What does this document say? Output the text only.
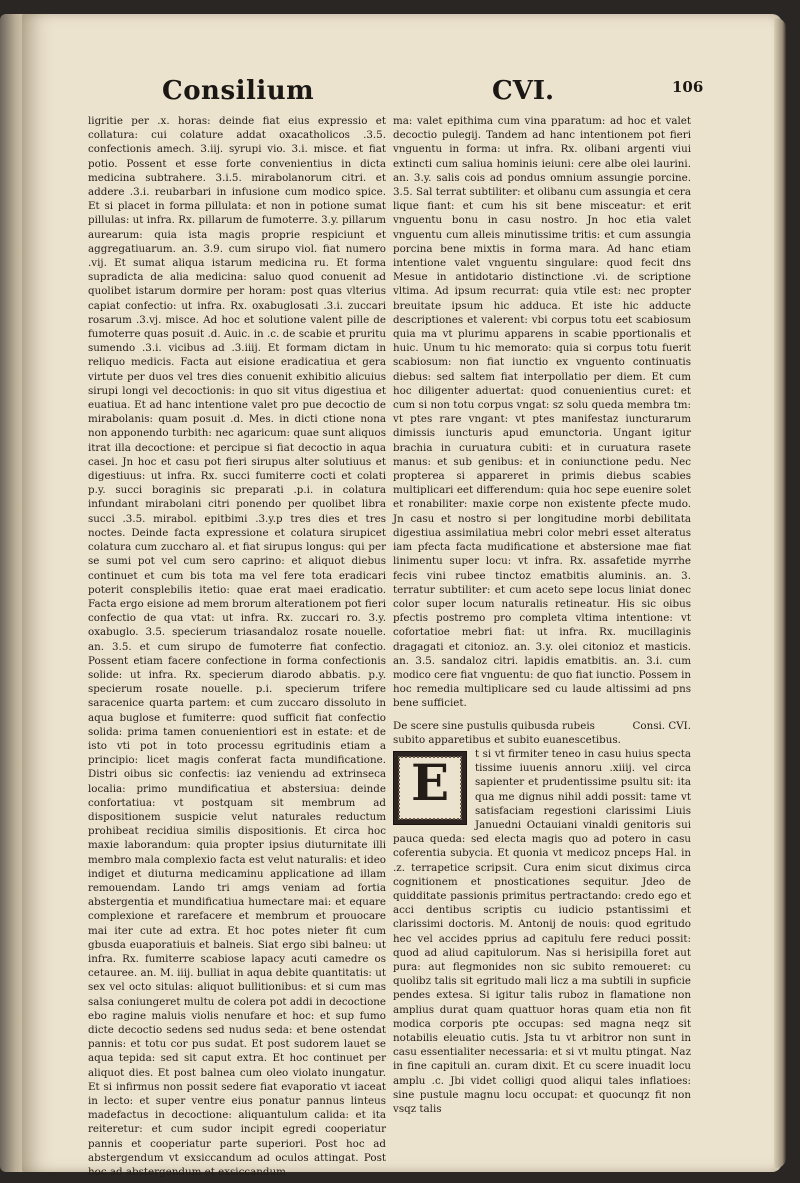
Consilium	CVI.	106

ligritie per .x. horas: deinde fiat eius expressio et collatura: cui colature addat oxacatholicos .3.5. confectionis amech. 3.iij. syrupi vio. 3.i. misce. et fiat potio. Possent et esse forte convenientius in dicta medicina subtrahere. 3.i.5. mirabolanorum citri. et addere .3.i. reubarbari in infusione cum modico spice. Et si placet in forma pillulata: et non in potione sumat pillulas: ut infra. Rx. pillarum de fumoterre. 3.y. pillarum aurearum: quia ista magis proprie respiciunt et aggregatiuarum. an. 3.9. cum sirupo viol. fiat numero .vij. Et sumat aliqua istarum medicina ru. Et forma supradicta de alia medicina: saluo quod conuenit ad quolibet istarum dormire per horam: post quas vlterius capiat confectio: ut infra. Rx. oxabuglosati .3.i. zuccari rosarum .3.vj. misce. Ad hoc et solutione valent pille de fumoterre quas posuit .d. Auic. in .c. de scabie et pruritu sumendo .3.i. vicibus ad .3.iiij. Et formam dictam in reliquo medicis. Facta aut eisione eradicatiua et gera virtute per duos vel tres dies conuenit exhibitio alicuius sirupi longi vel decoctionis: in quo sit vitus digestiua et euatiua. Et ad hanc intentione valet pro pue decoctio de mirabolanis: quam posuit .d. Mes. in dicti ctione nona non apponendo turbith: nec agaricum: quae sunt aliquos itrat illa decoctione: et percipue si fiat decoctio in aqua casei. Jn hoc et casu pot fieri sirupus alter solutiuus et digestiuus: ut infra. Rx. succi fumiterre cocti et colati p.y. succi boraginis sic preparati .p.i. in colatura infundant mirabolani citri ponendo per quolibet libra succi .3.5. mirabol. epitbimi .3.y.p tres dies et tres noctes. Deinde facta expressione et colatura sirupicet colatura cum zuccharo al. et fiat sirupus longus: qui per se sumi pot vel cum sero caprino: et aliquot diebus continuet et cum bis tota ma vel fere tota eradicari poterit consplebilis itetio: quae erat maei eradicatio. Facta ergo eisione ad mem brorum alterationem pot fieri confectio de qua vtat: ut infra. Rx. zuccari ro. 3.y. oxabuglo. 3.5. specierum triasandaloz rosate nouelle. an. 3.5. et cum sirupo de fumoterre fiat confectio. Possent etiam facere confectione in forma confectionis solide: ut infra. Rx. specierum diarodo abbatis. p.y. specierum rosate nouelle. p.i. specierum trifere saracenice quarta partem: et cum zuccaro dissoluto in aqua buglose et fumiterre: quod sufficit fiat confectio solida: prima tamen conuenientiori est in estate: et de isto vti pot in toto processu egritudinis etiam a principio: licet magis conferat facta mundificatione. Distri oibus sic confectis: iaz veniendu ad extrinseca localia: primo mundificatiua et abstersiua: deinde confortatiua: vt postquam sit membrum ad dispositionem suspicie velut naturales reductum prohibeat recidiua similis dispositionis. Et circa hoc maxie laborandum: quia propter ipsius diuturnitate illi membro mala complexio facta est velut naturalis: et ideo indiget et diuturna medicaminu applicatione ad illam remouendam. Lando tri amgs veniam ad fortia abstergentia et mundificatiua humectare mai: et equare complexione et rarefacere et membrum et prouocare mai iter cute ad extra. Et hoc potes nieter fit cum gbusda euaporatiuis et balneis. Siat ergo sibi balneu: ut infra. Rx. fumiterre scabiose lapacy acuti camedre os cetauree. an. M. iiij. bulliat in aqua debite quantitatis: ut sex vel octo situlas: aliquot bullitionibus: et si cum mas salsa coniungeret multu de colera pot addi in decoctione ebo ragine maluis violis nenufare et hoc: et sup fumo dicte decoctio sedens sed nudus seda: et bene ostendat pannis: et totu cor pus sudat. Et post sudorem lauet se aqua tepida: sed sit caput extra. Et hoc continuet per aliquot dies. Et post balnea cum oleo violato inungatur. Et si infirmus non possit sedere fiat evaporatio vt iaceat in lecto: et super ventre eius ponatur pannus linteus madefactus in decoctione: aliquantulum calida: et ita reiteretur: et cum sudor incipit egredi cooperiatur pannis et cooperiatur parte superiori. Post hoc ad abstergendum vt exsiccandum ad oculos attingat. Post hoc ad abstergendum et exsiccandum

ma: valet epithima cum vina pparatum: ad hoc et valet decoctio pulegij. Tandem ad hanc intentionem pot fieri vnguentu in forma: ut infra. Rx. olibani argenti viui extincti cum saliua hominis ieiuni: cere albe olei laurini. an. 3.y. salis cois ad pondus omnium assungie porcine. 3.5. Sal terrat subtiliter: et olibanu cum assungia et cera lique fiant: et cum his sit bene misceatur: et erit vnguentu bonu in casu nostro. Jn hoc etia valet vnguentu cum alleis minutissime tritis: et cum assungia porcina bene mixtis in forma mara. Ad hanc etiam intentione valet vnguentu singulare: quod fecit dns Mesue in antidotario distinctione .vi. de scriptione vltima. Ad ipsum recurrat: quia vtile est: nec propter breuitate ipsum hic adduca. Et iste hic adducte descriptiones et valerent: vbi corpus totu eet scabiosum quia ma vt plurimu apparens in scabie pportionalis et huic. Unum tu hic memorato: quia si corpus totu fuerit scabiosum: non fiat iunctio ex vnguento continuatis diebus: sed saltem fiat interpollatio per diem. Et cum hoc diligenter aduertat: quod conuenientius curet: et cum si non totu corpus vngat: sz solu queda membra tm: vt ptes rare vngant: vt ptes manifestaz iuncturarum dimissis iuncturis apud emunctoria. Ungant igitur brachia in curuatura cubiti: et in curuatura rasete manus: et sub genibus: et in coniunctione pedu. Nec propterea si appareret in primis diebus scabies multiplicari eet differendum: quia hoc sepe euenire solet et ronabiliter: maxie corpe non existente pfecte mudo. Jn casu et nostro si per longitudine morbi debilitata digestiua assimilatiua mebri color mebri esset alteratus iam pfecta facta mudificatione et abstersione mae fiat linimentu super locu: vt infra. Rx. assafetide myrrhe fecis vini rubee tinctoz ematbitis aluminis. an. 3. terratur subtiliter: et cum aceto sepe locus liniat donec color super locum naturalis retineatur. His sic oibus pfectis postremo pro completa vltima intentione: vt cofortatioe mebri fiat: ut infra. Rx. mucillaginis dragagati et citonioz. an. 3.y. olei citonioz et masticis. an. 3.5. sandaloz citri. lapidis ematbitis. an. 3.i. cum modico cere fiat vnguentu: de quo fiat iunctio. Possem in hoc remedia multiplicare sed cu laude altissimi ad pns bene sufficiet.

De scere sine pustulis quibusda rubeis subito apparetibus et subito euanescetibus.
Consi. CVI.
E	t si vt firmiter teneo in casu huius specta tissime iuuenis annoru .xiiij. vel circa sapienter et prudentissime psultu sit: ita qua me dignus nihil addi possit: tame vt satisfaciam regestioni clarissimi Liuis Januedni Octauiani vinaldi genitoris sui pauca queda: sed electa magis quo ad potero in casu coferentia subycia. Et quonia vt medicoz pnceps Hal. in .z. terrapetice scripsit. Cura enim sicut diximus circa cognitionem et pnosticationes sequitur. Jdeo de quidditate passionis primitus pertractando: credo ego et acci dentibus scriptis cu iudicio pstantissimi et clarissimi doctoris. M. Antonij de nouis: quod egritudo hec vel accides pprius ad capitulu fere reduci possit: quod ad aliud capitulorum. Nas si herisipilla foret aut pura: aut flegmonides non sic subito remoueret: cu quolibz talis sit egritudo mali licz a ma subtili in supficie pendes extesa. Si igitur talis ruboz in flamatione non amplius durat quam quattuor horas quam etia non fit modica corporis pte occupas: sed magna neqz sit notabilis eleuatio cutis. Jsta tu vt arbitror non sunt in casu essentialiter necessaria: et si vt multu ptingat. Naz in fine capituli an. curam dixit. Et cu scere inuadit locu amplu .c. Jbi videt colligi quod aliqui tales inflatioes: sine pustule magnu locu occupat: et quocunqz fit non vsqz talis
